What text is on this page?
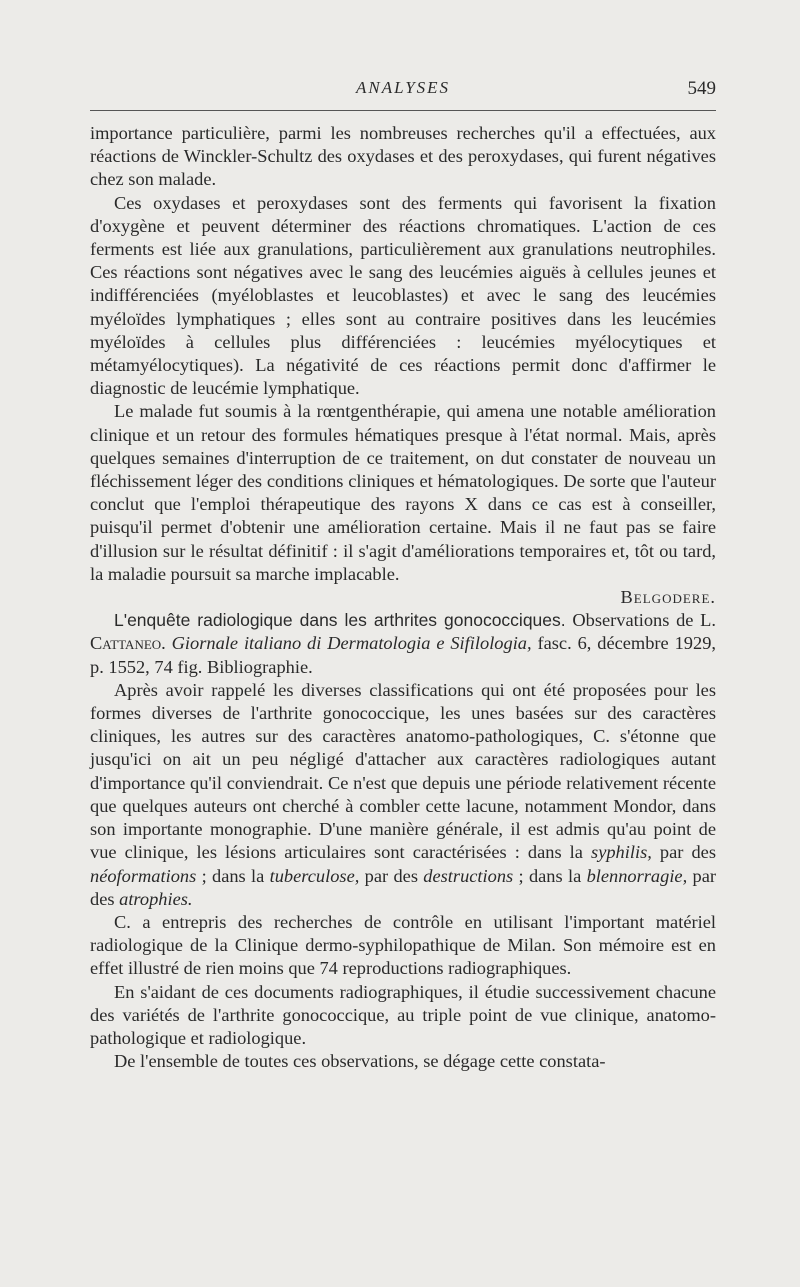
ANALYSES	549

importance particulière, parmi les nombreuses recherches qu'il a effectuées, aux réactions de Winckler-Schultz des oxydases et des peroxydases, qui furent négatives chez son malade.

Ces oxydases et peroxydases sont des ferments qui favorisent la fixation d'oxygène et peuvent déterminer des réactions chromatiques. L'action de ces ferments est liée aux granulations, particulièrement aux granulations neutrophiles. Ces réactions sont négatives avec le sang des leucémies aiguës à cellules jeunes et indifférenciées (myéloblastes et leucoblastes) et avec le sang des leucémies myéloïdes lymphatiques ; elles sont au contraire positives dans les leucémies myéloïdes à cellules plus différenciées : leucémies myélocytiques et métamyélocytiques). La négativité de ces réactions permit donc d'affirmer le diagnostic de leucémie lymphatique.

Le malade fut soumis à la rœntgenthérapie, qui amena une notable amélioration clinique et un retour des formules hématiques presque à l'état normal. Mais, après quelques semaines d'interruption de ce traitement, on dut constater de nouveau un fléchissement léger des conditions cliniques et hématologiques. De sorte que l'auteur conclut que l'emploi thérapeutique des rayons X dans ce cas est à conseiller, puisqu'il permet d'obtenir une amélioration certaine. Mais il ne faut pas se faire d'illusion sur le résultat définitif : il s'agit d'améliorations temporaires et, tôt ou tard, la maladie poursuit sa marche implacable.

Belgodere.

L'enquête radiologique dans les arthrites gonococciques. Observations de L. Cattaneo. Giornale italiano di Dermatologia e Sifilologia, fasc. 6, décembre 1929, p. 1552, 74 fig. Bibliographie.

Après avoir rappelé les diverses classifications qui ont été proposées pour les formes diverses de l'arthrite gonococcique, les unes basées sur des caractères cliniques, les autres sur des caractères anatomo-pathologiques, C. s'étonne que jusqu'ici on ait un peu négligé d'attacher aux caractères radiologiques autant d'importance qu'il conviendrait. Ce n'est que depuis une période relativement récente que quelques auteurs ont cherché à combler cette lacune, notamment Mondor, dans son importante monographie. D'une manière générale, il est admis qu'au point de vue clinique, les lésions articulaires sont caractérisées : dans la syphilis, par des néoformations ; dans la tuberculose, par des destructions ; dans la blennorragie, par des atrophies.

C. a entrepris des recherches de contrôle en utilisant l'important matériel radiologique de la Clinique dermo-syphilopathique de Milan. Son mémoire est en effet illustré de rien moins que 74 reproductions radiographiques.

En s'aidant de ces documents radiographiques, il étudie successivement chacune des variétés de l'arthrite gonococcique, au triple point de vue clinique, anatomo-pathologique et radiologique.

De l'ensemble de toutes ces observations, se dégage cette constata-
